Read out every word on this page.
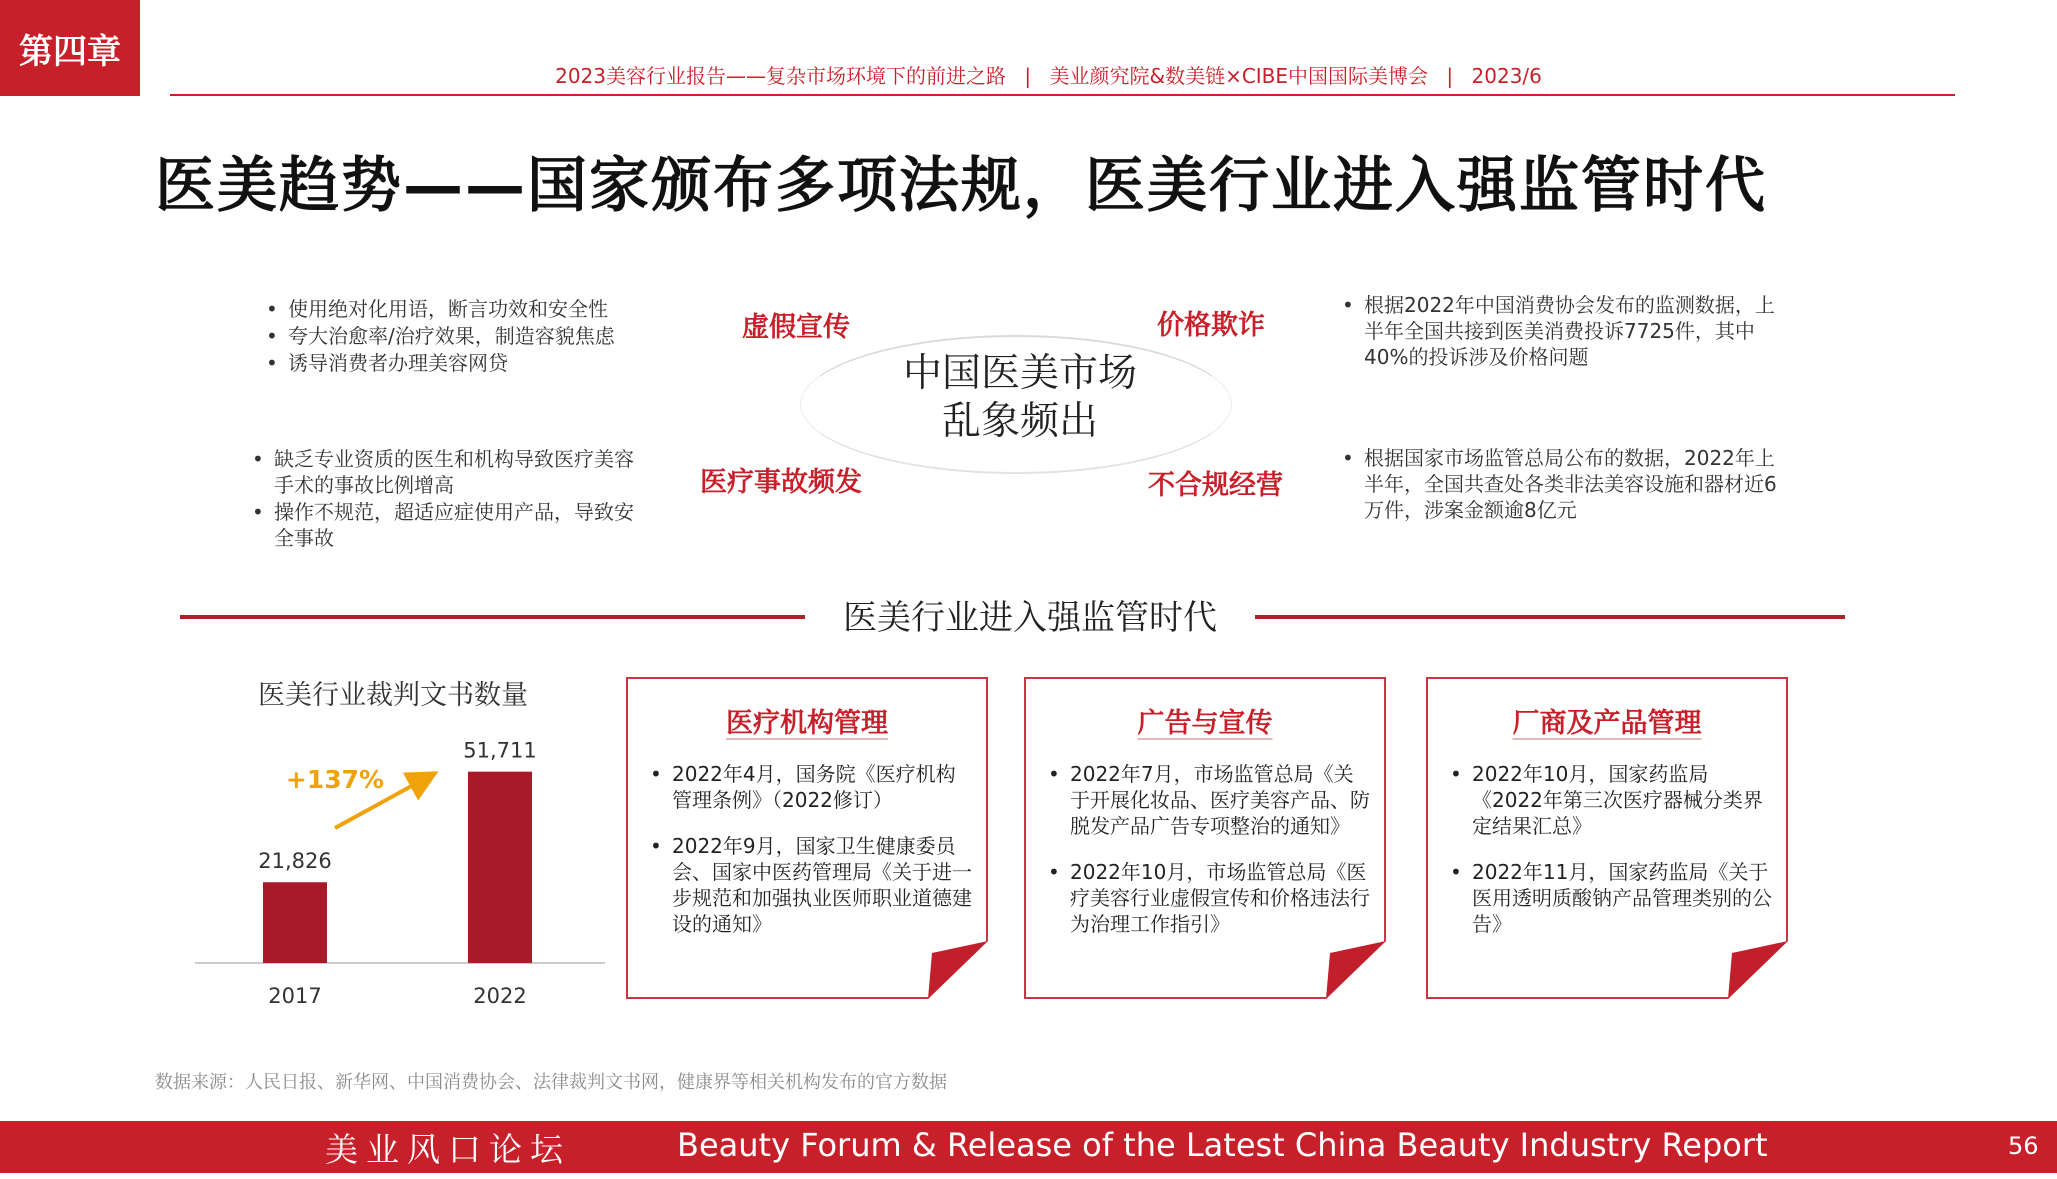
第四章
2023美容行业报告——复杂市场环境下的前进之路 | 美业颜究院&数美链×CIBE中国国际美博会 | 2023/6
医美趋势——国家颁布多项法规，医美行业进入强监管时代
• 使用绝对化用语，断言功效和安全性
• 夸大治愈率/治疗效果，制造容貌焦虑
• 诱导消费者办理美容网贷
• 缺乏专业资质的医生和机构导致医疗美容手术的事故比例增高
• 操作不规范，超适应症使用产品，导致安全事故
• 根据2022年中国消费协会发布的监测数据，上半年全国共接到医美消费投诉7725件，其中40%的投诉涉及价格问题
• 根据国家市场监管总局公布的数据，2022年上半年，全国共查处各类非法美容设施和器材近6万件，涉案金额逾8亿元
虚假宣传	价格欺诈
医疗事故频发	不合规经营
中国医美市场
乱象频出
医美行业进入强监管时代
医美行业裁判文书数量
21,826
51,711
2017	2022
+137%
医疗机构管理
• 2022年4月，国务院《医疗机构管理条例》（2022修订）
• 2022年9月，国家卫生健康委员会、国家中医药管理局《关于进一步规范和加强执业医师职业道德建设的通知》
广告与宣传
• 2022年7月，市场监管总局《关于开展化妆品、医疗美容产品、防脱发产品广告专项整治的通知》
• 2022年10月，市场监管总局《医疗美容行业虚假宣传和价格违法行为治理工作指引》
厂商及产品管理
• 2022年10月，国家药监局《2022年第三次医疗器械分类界定结果汇总》
• 2022年11月，国家药监局《关于医用透明质酸钠产品管理类别的公告》
数据来源：人民日报、新华网、中国消费协会、法律裁判文书网，健康界等相关机构发布的官方数据
美业风口论坛	Beauty Forum & Release of the Latest China Beauty Industry Report	56
